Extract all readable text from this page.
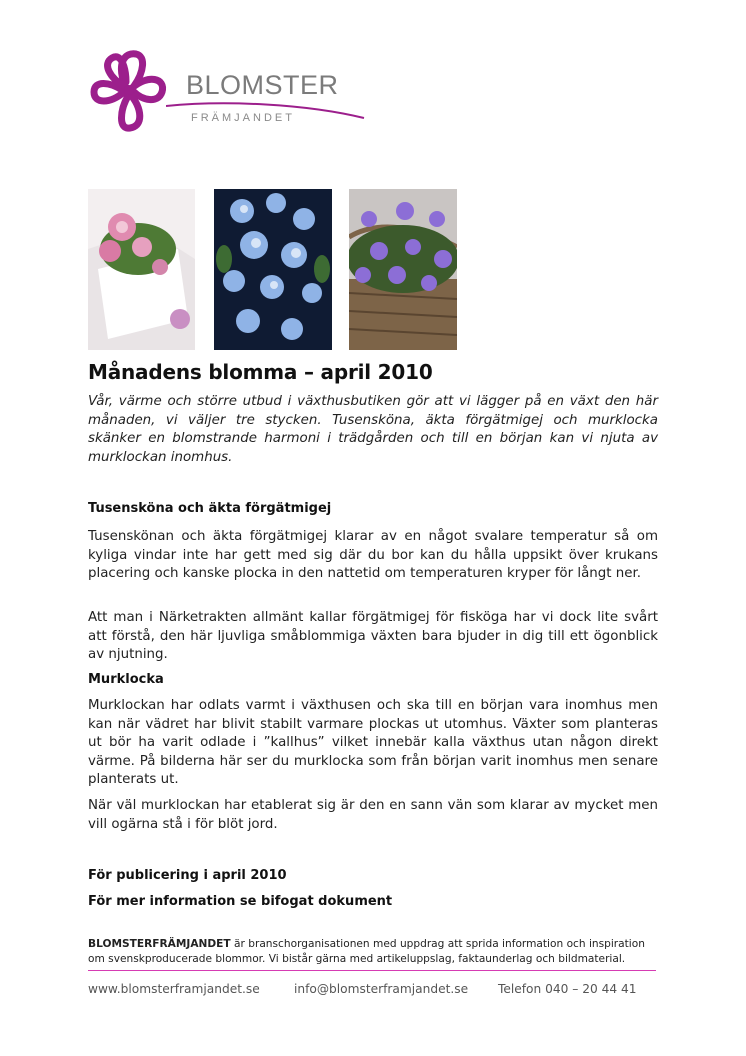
BLOMSTER
FRÄMJANDET
Månadens blomma – april 2010

Vår, värme och större utbud i växthusbutiken gör att vi lägger på en växt den här månaden, vi väljer tre stycken. Tusensköna, äkta förgätmigej och murklocka skänker en blomstrande harmoni i trädgården och till en början kan vi njuta av murklockan inomhus.

Tusensköna och äkta förgätmigej

Tusenskönan och äkta förgätmigej klarar av en något svalare temperatur så om kyliga vindar inte har gett med sig där du bor kan du hålla uppsikt över krukans placering och kanske plocka in den nattetid om temperaturen kryper för långt ner.

Att man i Närketrakten allmänt kallar förgätmigej för fisköga har vi dock lite svårt att förstå, den här ljuvliga småblommiga växten bara bjuder in dig till ett ögonblick av njutning.

Murklocka

Murklockan har odlats varmt i växthusen och ska till en början vara inomhus men kan när vädret har blivit stabilt varmare plockas ut utomhus. Växter som planteras ut bör ha varit odlade i ”kallhus” vilket innebär kalla växthus utan någon direkt värme. På bilderna här ser du murklocka som från början varit inomhus men senare planterats ut.

När väl murklockan har etablerat sig är den en sann vän som klarar av mycket men vill ogärna stå i för blöt jord.

För publicering i april 2010
För mer information se bifogat dokument

BLOMSTERFRÄMJANDET är branschorganisationen med uppdrag att sprida information och inspiration om svenskproducerade blommor. Vi bistår gärna med artikeluppslag, faktaunderlag och bildmaterial.

www.blomsterframjandet.se	info@blomsterframjandet.se Telefon 040 – 20 44 41
